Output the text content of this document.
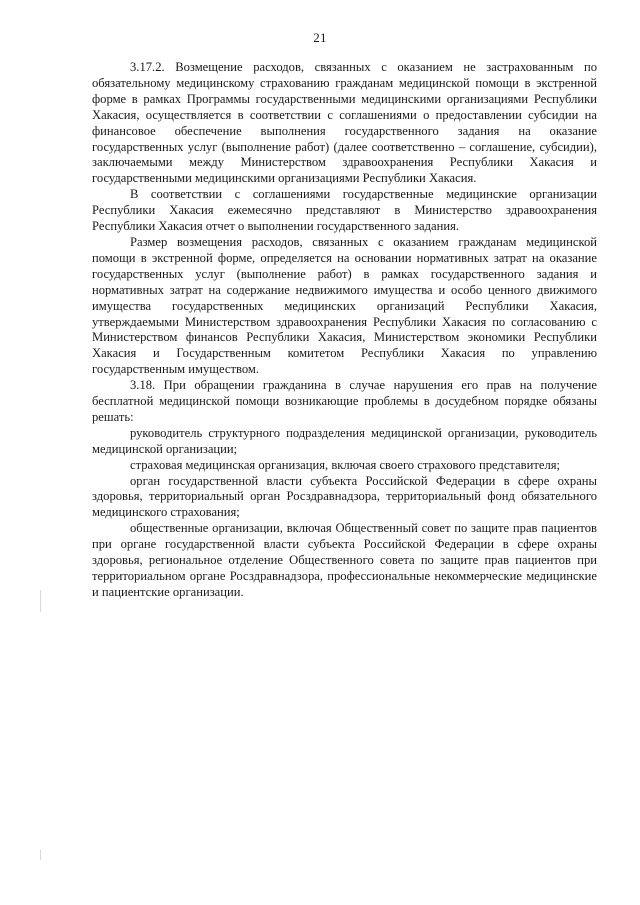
21

3.17.2. Возмещение расходов, связанных с оказанием не застрахованным по обязательному медицинскому страхованию гражданам медицинской помощи в экстренной форме в рамках Программы государственными медицинскими организациями Республики Хакасия, осуществляется в соответствии с соглашениями о предоставлении субсидии на финансовое обеспечение выполнения государственного задания на оказание государственных услуг (выполнение работ) (далее соответственно – соглашение, субсидии), заключаемыми между Министерством здравоохранения Республики Хакасия и государственными медицинскими организациями Республики Хакасия.

В соответствии с соглашениями государственные медицинские организации Республики Хакасия ежемесячно представляют в Министерство здравоохранения Республики Хакасия отчет о выполнении государственного задания.

Размер возмещения расходов, связанных с оказанием гражданам медицинской помощи в экстренной форме, определяется на основании нормативных затрат на оказание государственных услуг (выполнение работ) в рамках государственного задания и нормативных затрат на содержание недвижимого имущества и особо ценного движимого имущества государственных медицинских организаций Республики Хакасия, утверждаемыми Министерством здравоохранения Республики Хакасия по согласованию с Министерством финансов Республики Хакасия, Министерством экономики Республики Хакасия и Государственным комитетом Республики Хакасия по управлению государственным имуществом.

3.18. При обращении гражданина в случае нарушения его прав на получение бесплатной медицинской помощи возникающие проблемы в досудебном порядке обязаны решать:

руководитель структурного подразделения медицинской организации, руководитель медицинской организации;

страховая медицинская организация, включая своего страхового представителя;

орган государственной власти субъекта Российской Федерации в сфере охраны здоровья, территориальный орган Росздравнадзора, территориальный фонд обязательного медицинского страхования;

общественные организации, включая Общественный совет по защите прав пациентов при органе государственной власти субъекта Российской Федерации в сфере охраны здоровья, региональное отделение Общественного совета по защите прав пациентов при территориальном органе Росздравнадзора, профессиональные некоммерческие медицинские и пациентские организации.
